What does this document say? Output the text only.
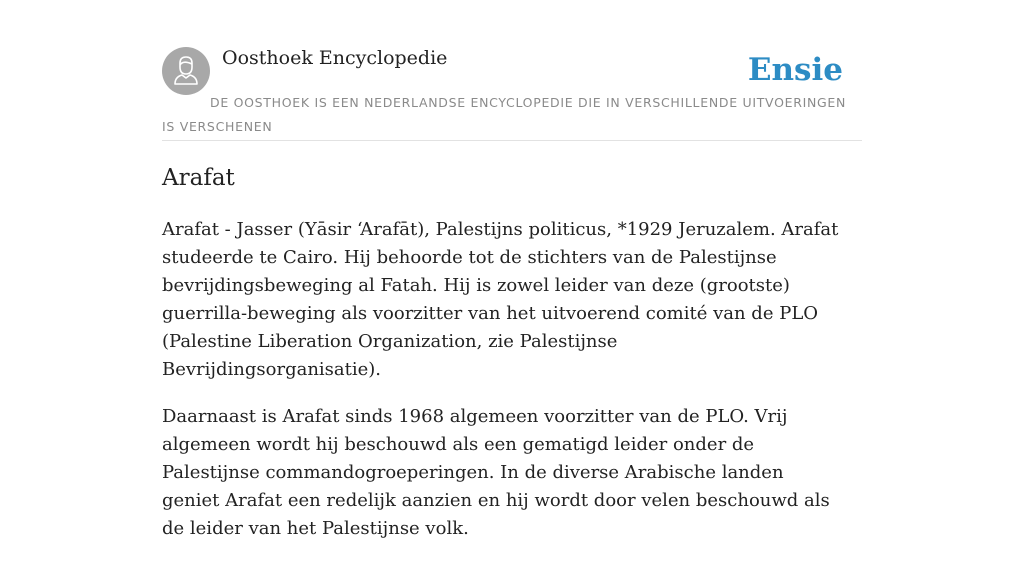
Oosthoek Encyclopedie	Ensie

DE OOSTHOEK IS EEN NEDERLANDSE ENCYCLOPEDIE DIE IN VERSCHILLENDE UITVOERINGEN IS VERSCHENEN

Arafat

Arafat - Jasser (Yāsir ‘Arafāt), Palestijns politicus, *1929 Jeruzalem. Arafat studeerde te Cairo. Hij behoorde tot de stichters van de Palestijnse bevrijdingsbeweging al Fatah. Hij is zowel leider van deze (grootste) guerrilla-beweging als voorzitter van het uitvoerend comité van de PLO (Palestine Liberation Organization, zie Palestijnse Bevrijdingsorganisatie).

Daarnaast is Arafat sinds 1968 algemeen voorzitter van de PLO. Vrij algemeen wordt hij beschouwd als een gematigd leider onder de Palestijnse commandogroeperingen. In de diverse Arabische landen geniet Arafat een redelijk aanzien en hij wordt door velen beschouwd als de leider van het Palestijnse volk.
